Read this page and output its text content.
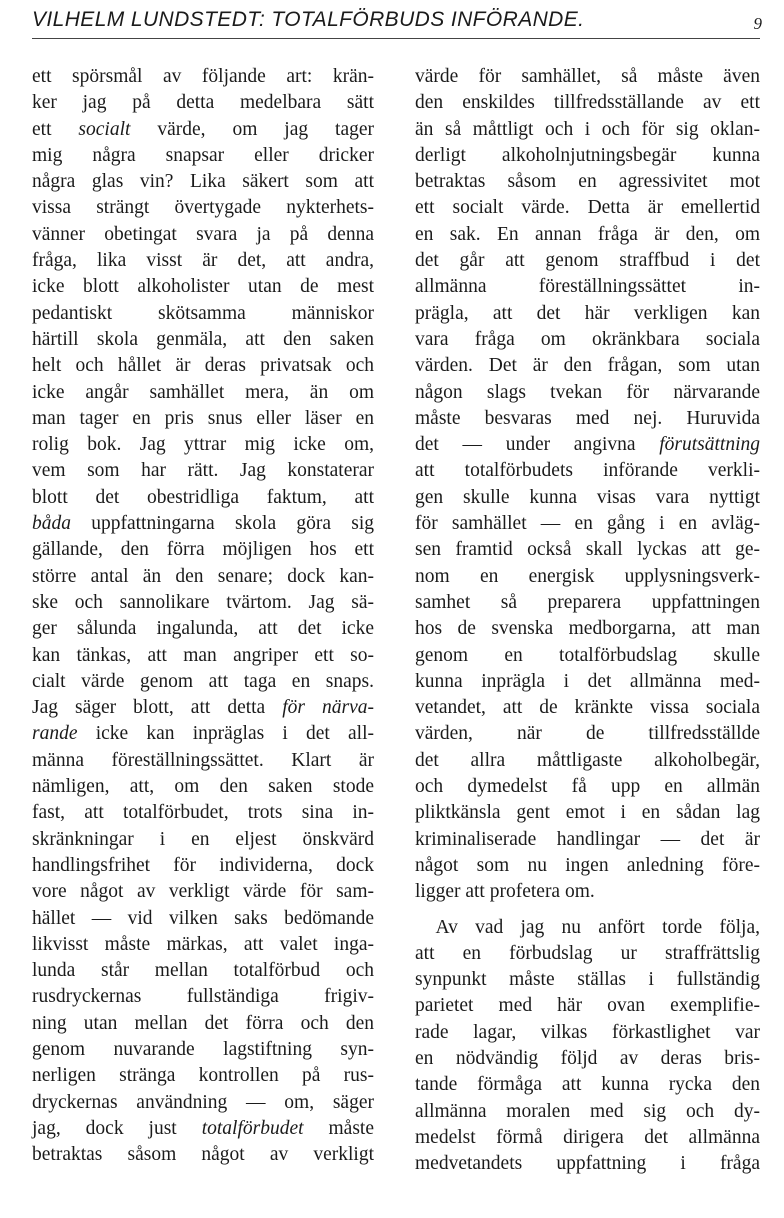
VILHELM LUNDSTEDT: TOTALFÖRBUDS INFÖRANDE.	9
ett spörsmål av följande art: krän-
ker jag på detta medelbara sätt
ett socialt värde, om jag tager
mig några snapsar eller dricker
några glas vin? Lika säkert som att
vissa strängt övertygade nykterhets-
vänner obetingat svara ja på denna
fråga, lika visst är det, att andra,
icke blott alkoholister utan de mest
pedantiskt skötsamma människor
härtill skola genmäla, att den saken
helt och hållet är deras privatsak och
icke angår samhället mera, än om
man tager en pris snus eller läser en
rolig bok. Jag yttrar mig icke om,
vem som har rätt. Jag konstaterar
blott det obestridliga faktum, att
båda uppfattningarna skola göra sig
gällande, den förra möjligen hos ett
större antal än den senare; dock kan-
ske och sannolikare tvärtom. Jag sä-
ger sålunda ingalunda, att det icke
kan tänkas, att man angriper ett so-
cialt värde genom att taga en snaps.
Jag säger blott, att detta för närva-
rande icke kan inpräglas i det all-
männa föreställningssättet. Klart är
nämligen, att, om den saken stode
fast, att totalförbudet, trots sina in-
skränkningar i en eljest önskvärd
handlingsfrihet för individerna, dock
vore något av verkligt värde för sam-
hället — vid vilken saks bedömande
likvisst måste märkas, att valet inga-
lunda står mellan totalförbud och
rusdryckernas fullständiga frigiv-
ning utan mellan det förra och den
genom nuvarande lagstiftning syn-
nerligen stränga kontrollen på rus-
dryckernas användning — om, säger
jag, dock just totalförbudet måste
betraktas såsom något av verkligt
värde för samhället, så måste även
den enskildes tillfredsställande av ett
än så måttligt och i och för sig oklan-
derligt alkoholnjutningsbegär kunna
betraktas såsom en agressivitet mot
ett socialt värde. Detta är emellertid
en sak. En annan fråga är den, om
det går att genom straffbud i det
allmänna föreställningssättet in-
prägla, att det här verkligen kan
vara fråga om okränkbara sociala
värden. Det är den frågan, som utan
någon slags tvekan för närvarande
måste besvaras med nej. Huruvida
det — under angivna förutsättning
att totalförbudets införande verkli-
gen skulle kunna visas vara nyttigt
för samhället — en gång i en avläg-
sen framtid också skall lyckas att ge-
nom en energisk upplysningsverk-
samhet så preparera uppfattningen
hos de svenska medborgarna, att man
genom en totalförbudslag skulle
kunna inprägla i det allmänna med-
vetandet, att de kränkte vissa sociala
värden, när de tillfredsställde
det allra måttligaste alkoholbegär,
och dymedelst få upp en allmän
pliktkänsla gent emot i en sådan lag
kriminaliserade handlingar — det är
något som nu ingen anledning före-
ligger att profetera om.
Av vad jag nu anfört torde följa,
att en förbudslag ur straffrättslig
synpunkt måste ställas i fullständig
parietet med här ovan exemplifie-
rade lagar, vilkas förkastlighet var
en nödvändig följd av deras bris-
tande förmåga att kunna rycka den
allmänna moralen med sig och dy-
medelst förmå dirigera det allmänna
medvetandets uppfattning i fråga
